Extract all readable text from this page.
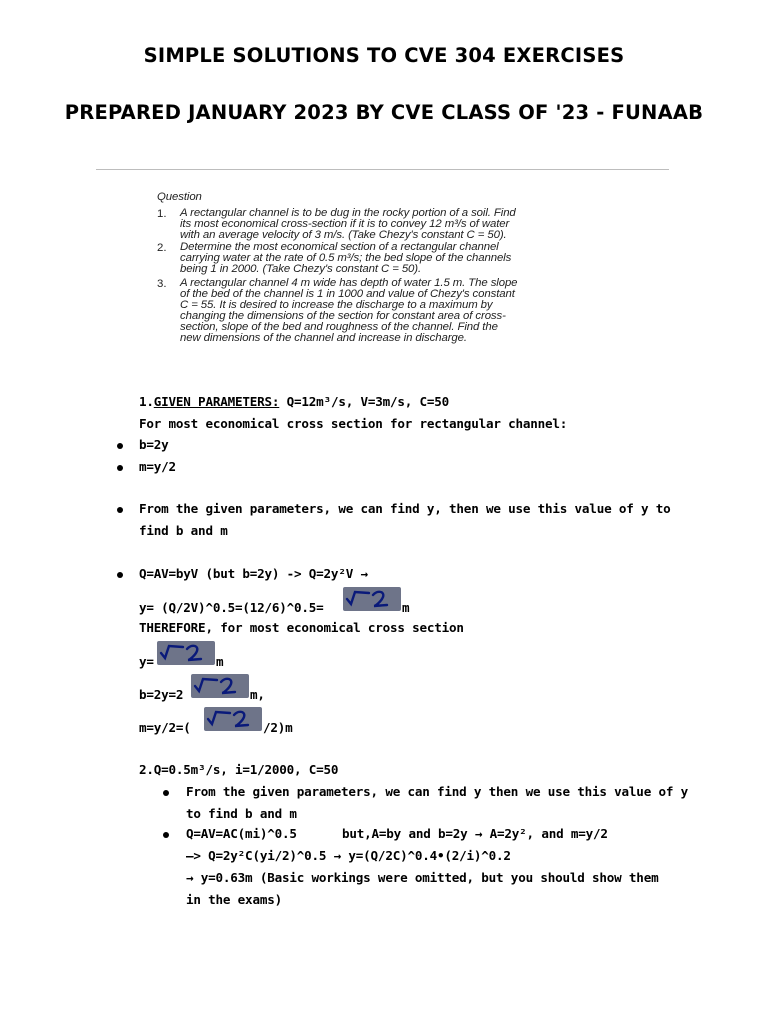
SIMPLE SOLUTIONS TO CVE 304 EXERCISES
PREPARED JANUARY 2023 BY CVE CLASS OF '23 - FUNAAB
Question
1. A rectangular channel is to be dug in the rocky portion of a soil. Find
its most economical cross-section if it is to convey 12 m³/s of water
with an average velocity of 3 m/s. (Take Chezy's constant C = 50).
2. Determine the most economical section of a rectangular channel
carrying water at the rate of 0.5 m³/s; the bed slope of the channels
being 1 in 2000. (Take Chezy's constant C = 50).
3. A rectangular channel 4 m wide has depth of water 1.5 m. The slope
of the bed of the channel is 1 in 1000 and value of Chezy's constant
C = 55. It is desired to increase the discharge to a maximum by
changing the dimensions of the section for constant area of cross-
section, slope of the bed and roughness of the channel. Find the
new dimensions of the channel and increase in discharge.
1.GIVEN PARAMETERS: Q=12m³/s, V=3m/s, C=50
For most economical cross section for rectangular channel:
b=2y
m=y/2
From the given parameters, we can find y, then we use this value of y to
find b and m
Q=AV=byV (but b=2y) -> Q=2y²V →
y= (Q/2V)^0.5=(12/6)^0.5=	m
THEREFORE, for most economical cross section
y=	m
b=2y=2	m,
m=y/2=(	/2)m
2.Q=0.5m³/s, i=1/2000, C=50
From the given parameters, we can find y then we use this value of y
to find b and m
Q=AV=AC(mi)^0.5	but,A=by and b=2y → A=2y², and m=y/2
—> Q=2y²C(yi/2)^0.5 → y=(Q/2C)^0.4•(2/i)^0.2
→ y=0.63m (Basic workings were omitted, but you should show them
in the exams)
